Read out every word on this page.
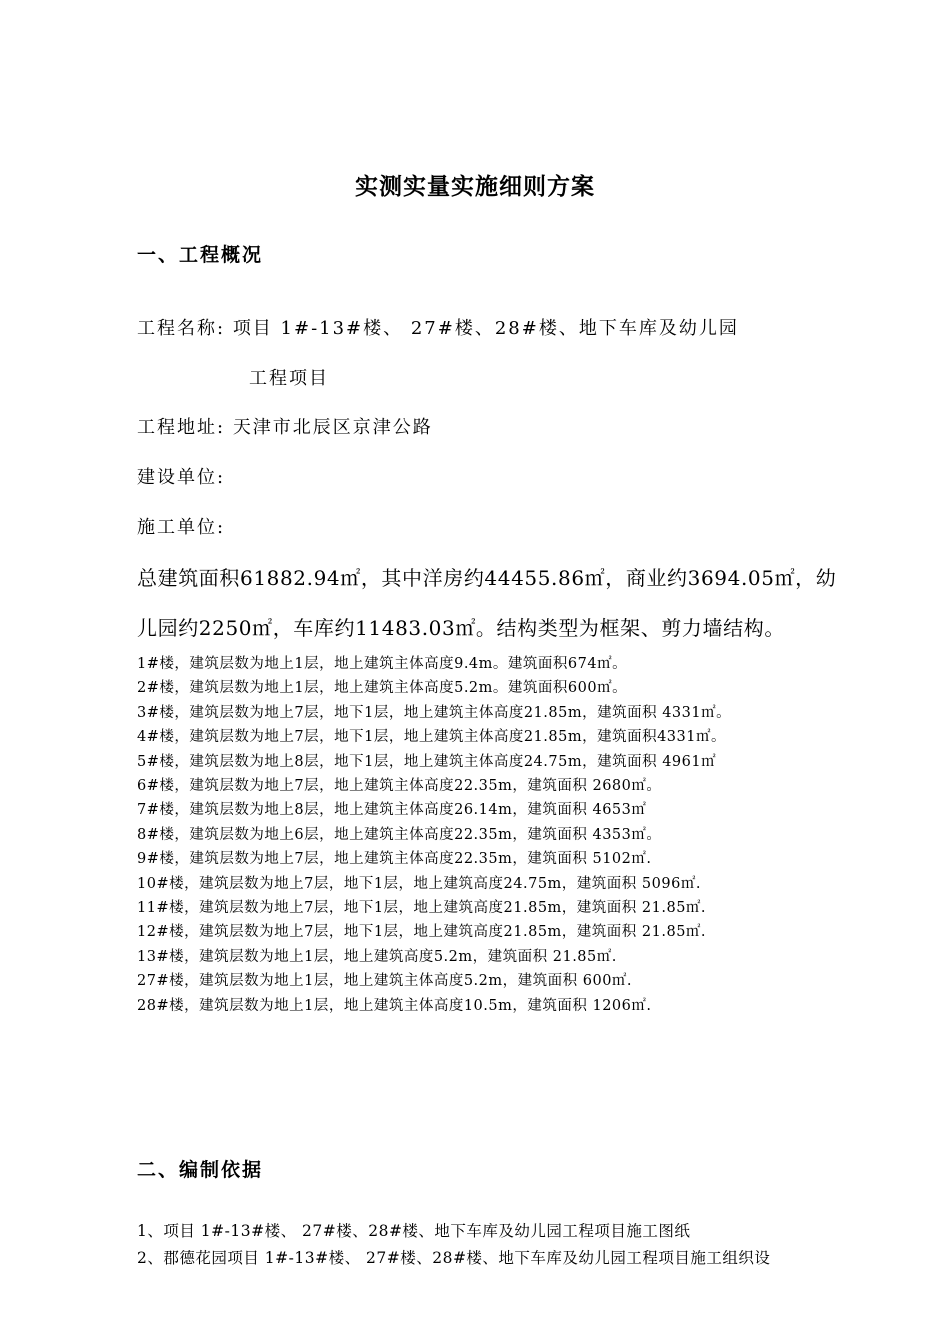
实测实量实施细则方案
一、工程概况
工程名称: 项目 1#-13#楼、 27#楼、28#楼、地下车库及幼儿园
工程项目
工程地址: 天津市北辰区京津公路
建设单位:
施工单位:
总建筑面积61882.94㎡，其中洋房约44455.86㎡，商业约3694.05㎡，幼
儿园约2250㎡，车库约11483.03㎡。结构类型为框架、剪力墙结构。
1#楼，建筑层数为地上1层，地上建筑主体高度9.4m。建筑面积674㎡。
2#楼，建筑层数为地上1层，地上建筑主体高度5.2m。建筑面积600㎡。
3#楼，建筑层数为地上7层，地下1层，地上建筑主体高度21.85m，建筑面积 4331㎡。
4#楼，建筑层数为地上7层，地下1层，地上建筑主体高度21.85m，建筑面积4331㎡。
5#楼，建筑层数为地上8层，地下1层，地上建筑主体高度24.75m，建筑面积 4961㎡
6#楼，建筑层数为地上7层，地上建筑主体高度22.35m，建筑面积 2680㎡。
7#楼，建筑层数为地上8层，地上建筑主体高度26.14m，建筑面积 4653㎡
8#楼，建筑层数为地上6层，地上建筑主体高度22.35m，建筑面积 4353㎡。
9#楼，建筑层数为地上7层，地上建筑主体高度22.35m，建筑面积 5102㎡.
10#楼，建筑层数为地上7层，地下1层，地上建筑高度24.75m，建筑面积 5096㎡.
11#楼，建筑层数为地上7层，地下1层，地上建筑高度21.85m，建筑面积 21.85㎡.
12#楼，建筑层数为地上7层，地下1层，地上建筑高度21.85m，建筑面积 21.85㎡.
13#楼，建筑层数为地上1层，地上建筑高度5.2m，建筑面积 21.85㎡.
27#楼，建筑层数为地上1层，地上建筑主体高度5.2m，建筑面积 600㎡.
28#楼，建筑层数为地上1层，地上建筑主体高度10.5m，建筑面积 1206㎡.
二、编制依据
1、项目 1#-13#楼、 27#楼、28#楼、地下车库及幼儿园工程项目施工图纸
2、郡德花园项目 1#-13#楼、 27#楼、28#楼、地下车库及幼儿园工程项目施工组织设
